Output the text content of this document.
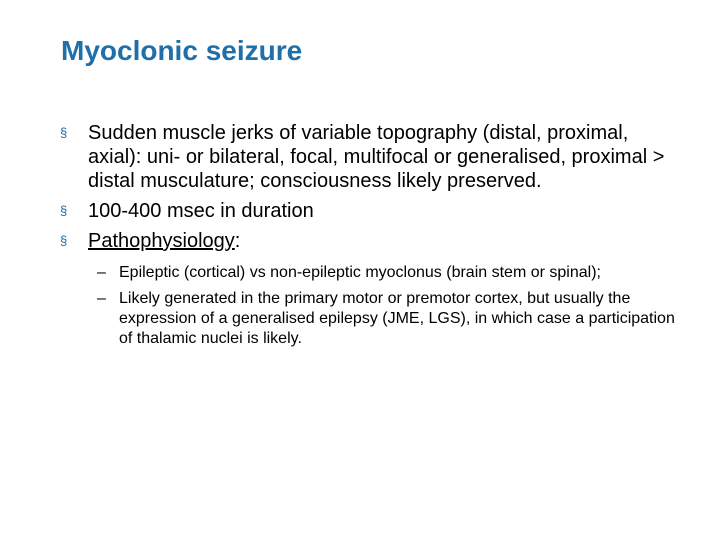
Myoclonic seizure
§	Sudden muscle jerks of variable topography (distal, proximal, axial): uni- or bilateral, focal, multifocal or generalised, proximal > distal musculature; consciousness likely preserved.
§	100-400 msec in duration
§	Pathophysiology:
– Epileptic (cortical) vs non-epileptic myoclonus (brain stem or spinal);
– Likely generated in the primary motor or premotor cortex, but usually the expression of a generalised epilepsy (JME, LGS), in which case a participation of thalamic nuclei is likely.
